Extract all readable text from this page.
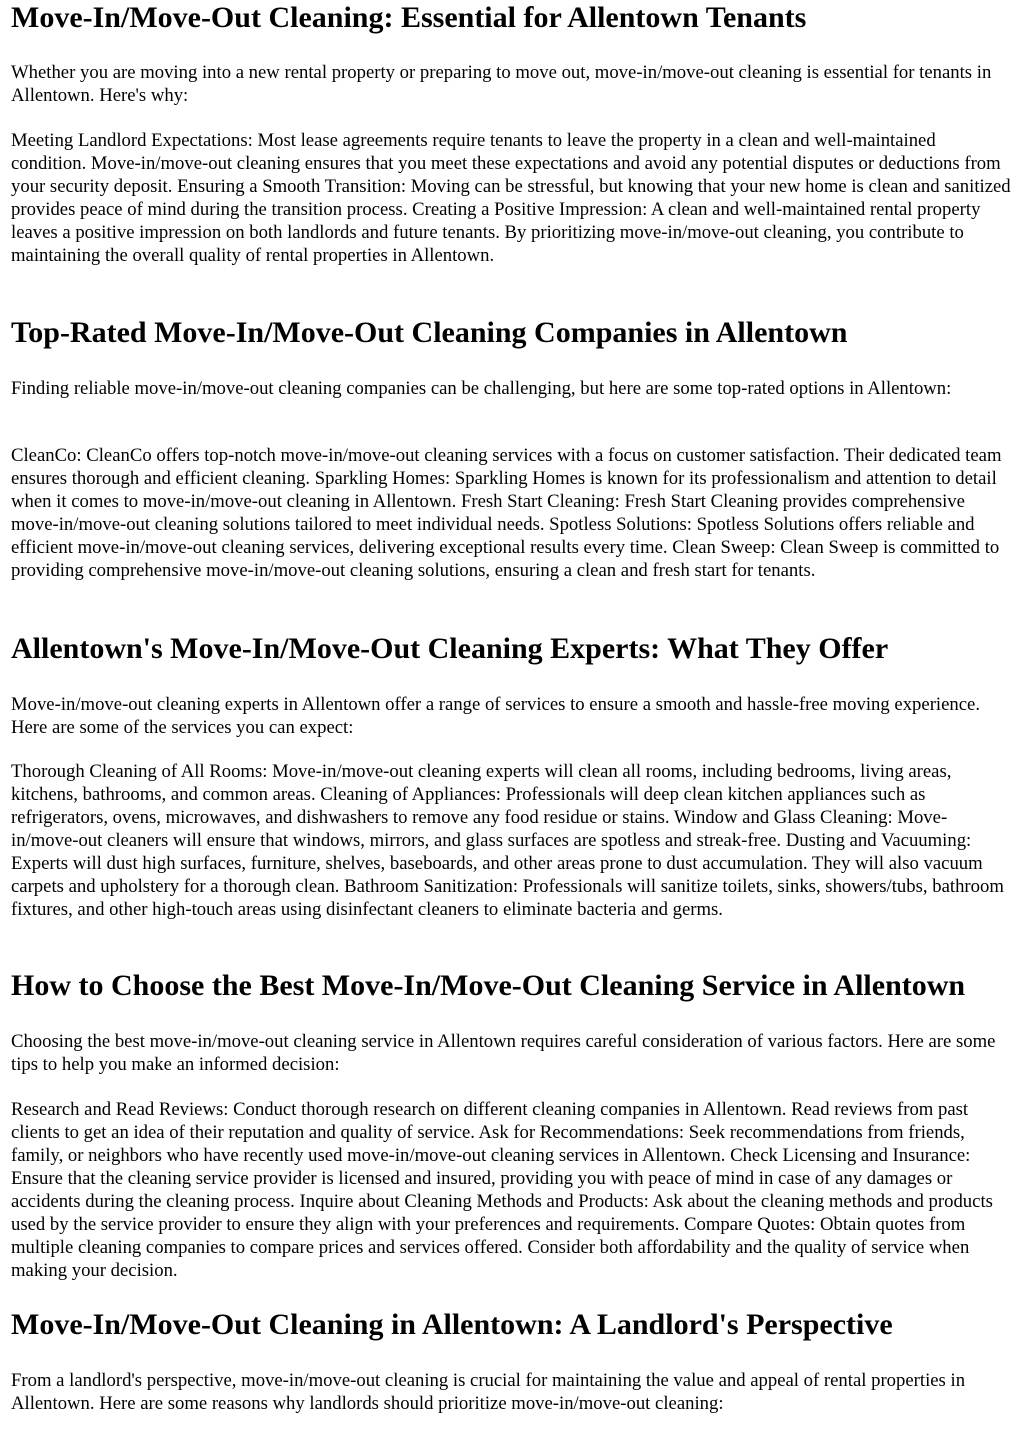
Move-In/Move-Out Cleaning: Essential for Allentown Tenants

Whether you are moving into a new rental property or preparing to move out, move-in/move-out cleaning is essential for tenants in Allentown. Here's why:

Meeting Landlord Expectations: Most lease agreements require tenants to leave the property in a clean and well-maintained condition. Move-in/move-out cleaning ensures that you meet these expectations and avoid any potential disputes or deductions from your security deposit. Ensuring a Smooth Transition: Moving can be stressful, but knowing that your new home is clean and sanitized provides peace of mind during the transition process. Creating a Positive Impression: A clean and well-maintained rental property leaves a positive impression on both landlords and future tenants. By prioritizing move-in/move-out cleaning, you contribute to maintaining the overall quality of rental properties in Allentown.

Top-Rated Move-In/Move-Out Cleaning Companies in Allentown

Finding reliable move-in/move-out cleaning companies can be challenging, but here are some top-rated options in Allentown:

CleanCo: CleanCo offers top-notch move-in/move-out cleaning services with a focus on customer satisfaction. Their dedicated team ensures thorough and efficient cleaning. Sparkling Homes: Sparkling Homes is known for its professionalism and attention to detail when it comes to move-in/move-out cleaning in Allentown. Fresh Start Cleaning: Fresh Start Cleaning provides comprehensive move-in/move-out cleaning solutions tailored to meet individual needs. Spotless Solutions: Spotless Solutions offers reliable and efficient move-in/move-out cleaning services, delivering exceptional results every time. Clean Sweep: Clean Sweep is committed to providing comprehensive move-in/move-out cleaning solutions, ensuring a clean and fresh start for tenants.

Allentown's Move-In/Move-Out Cleaning Experts: What They Offer

Move-in/move-out cleaning experts in Allentown offer a range of services to ensure a smooth and hassle-free moving experience. Here are some of the services you can expect:

Thorough Cleaning of All Rooms: Move-in/move-out cleaning experts will clean all rooms, including bedrooms, living areas, kitchens, bathrooms, and common areas. Cleaning of Appliances: Professionals will deep clean kitchen appliances such as refrigerators, ovens, microwaves, and dishwashers to remove any food residue or stains. Window and Glass Cleaning: Move-in/move-out cleaners will ensure that windows, mirrors, and glass surfaces are spotless and streak-free. Dusting and Vacuuming: Experts will dust high surfaces, furniture, shelves, baseboards, and other areas prone to dust accumulation. They will also vacuum carpets and upholstery for a thorough clean. Bathroom Sanitization: Professionals will sanitize toilets, sinks, showers/tubs, bathroom fixtures, and other high-touch areas using disinfectant cleaners to eliminate bacteria and germs.

How to Choose the Best Move-In/Move-Out Cleaning Service in Allentown

Choosing the best move-in/move-out cleaning service in Allentown requires careful consideration of various factors. Here are some tips to help you make an informed decision:

Research and Read Reviews: Conduct thorough research on different cleaning companies in Allentown. Read reviews from past clients to get an idea of their reputation and quality of service. Ask for Recommendations: Seek recommendations from friends, family, or neighbors who have recently used move-in/move-out cleaning services in Allentown. Check Licensing and Insurance: Ensure that the cleaning service provider is licensed and insured, providing you with peace of mind in case of any damages or accidents during the cleaning process. Inquire about Cleaning Methods and Products: Ask about the cleaning methods and products used by the service provider to ensure they align with your preferences and requirements. Compare Quotes: Obtain quotes from multiple cleaning companies to compare prices and services offered. Consider both affordability and the quality of service when making your decision.

Move-In/Move-Out Cleaning in Allentown: A Landlord's Perspective

From a landlord's perspective, move-in/move-out cleaning is crucial for maintaining the value and appeal of rental properties in Allentown. Here are some reasons why landlords should prioritize move-in/move-out cleaning:
